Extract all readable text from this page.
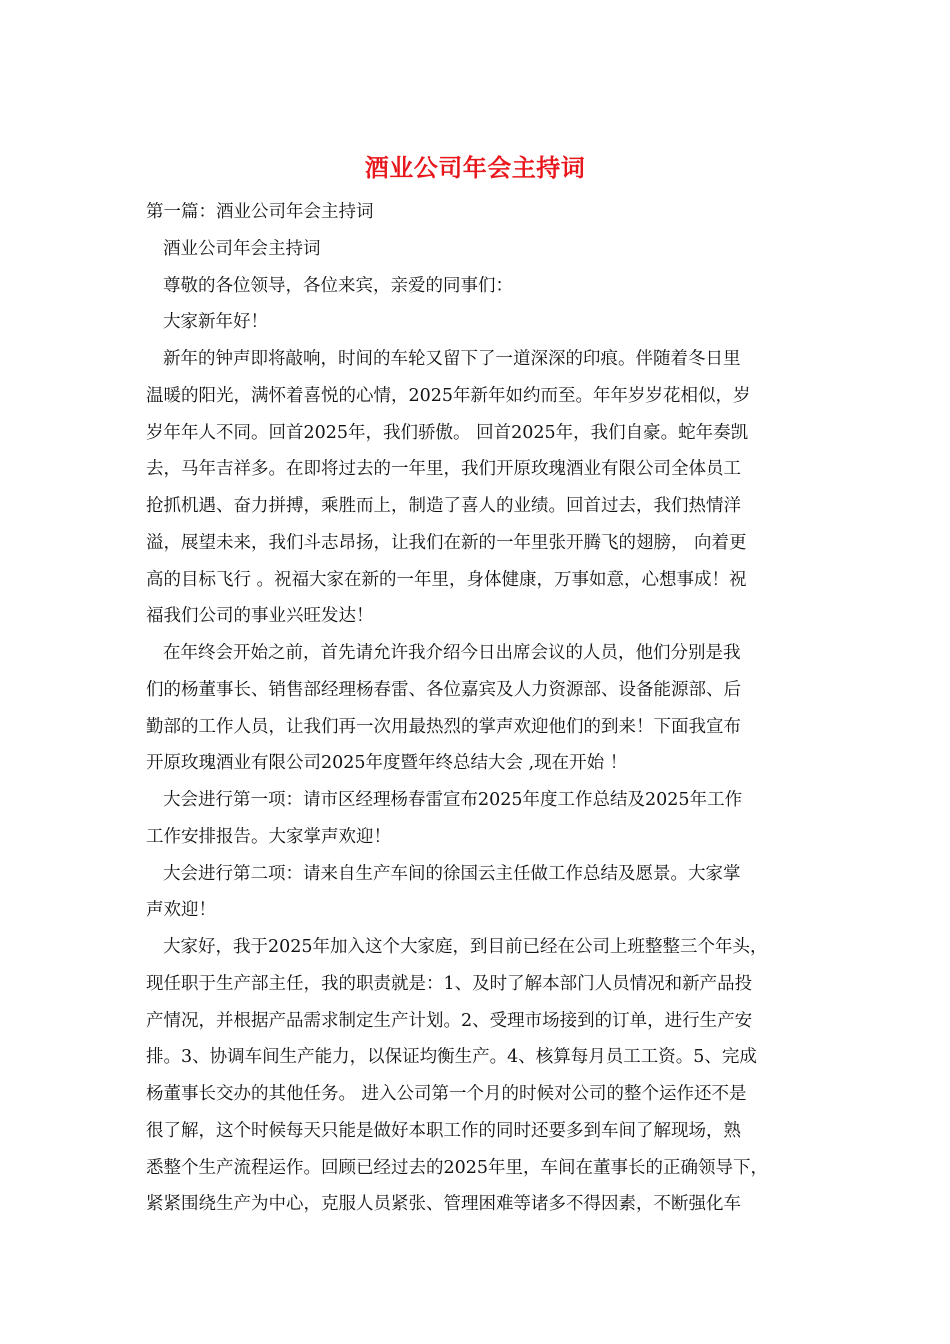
酒业公司年会主持词
第一篇：酒业公司年会主持词
酒业公司年会主持词
尊敬的各位领导，各位来宾，亲爱的同事们：
大家新年好！
新年的钟声即将敲响，时间的车轮又留下了一道深深的印痕。伴随着冬日里
温暖的阳光，满怀着喜悦的心情，2025年新年如约而至。年年岁岁花相似，岁
岁年年人不同。回首2025年，我们骄傲。 回首2025年，我们自豪。蛇年奏凯
去，马年吉祥多。在即将过去的一年里，我们开原玫瑰酒业有限公司全体员工
抢抓机遇、奋力拼搏，乘胜而上，制造了喜人的业绩。回首过去，我们热情洋
溢，展望未来，我们斗志昂扬，让我们在新的一年里张开腾飞的翅膀， 向着更
高的目标飞行 。祝福大家在新的一年里，身体健康，万事如意，心想事成！祝
福我们公司的事业兴旺发达！
在年终会开始之前，首先请允许我介绍今日出席会议的人员，他们分别是我
们的杨董事长、销售部经理杨春雷、各位嘉宾及人力资源部、设备能源部、后
勤部的工作人员，让我们再一次用最热烈的掌声欢迎他们的到来！下面我宣布
开原玫瑰酒业有限公司2025年度暨年终总结大会 ,现在开始 ！
大会进行第一项：请市区经理杨春雷宣布2025年度工作总结及2025年工作
工作安排报告。大家掌声欢迎！
大会进行第二项：请来自生产车间的徐国云主任做工作总结及愿景。大家掌
声欢迎！
大家好，我于2025年加入这个大家庭，到目前已经在公司上班整整三个年头，
现任职于生产部主任，我的职责就是：1、及时了解本部门人员情况和新产品投
产情况，并根据产品需求制定生产计划。2、受理市场接到的订单，进行生产安
排。3、协调车间生产能力，以保证均衡生产。4、核算每月员工工资。5、完成
杨董事长交办的其他任务。 进入公司第一个月的时候对公司的整个运作还不是
很了解，这个时候每天只能是做好本职工作的同时还要多到车间了解现场，熟
悉整个生产流程运作。回顾已经过去的2025年里，车间在董事长的正确领导下，
紧紧围绕生产为中心，克服人员紧张、管理困难等诸多不得因素，不断强化车
